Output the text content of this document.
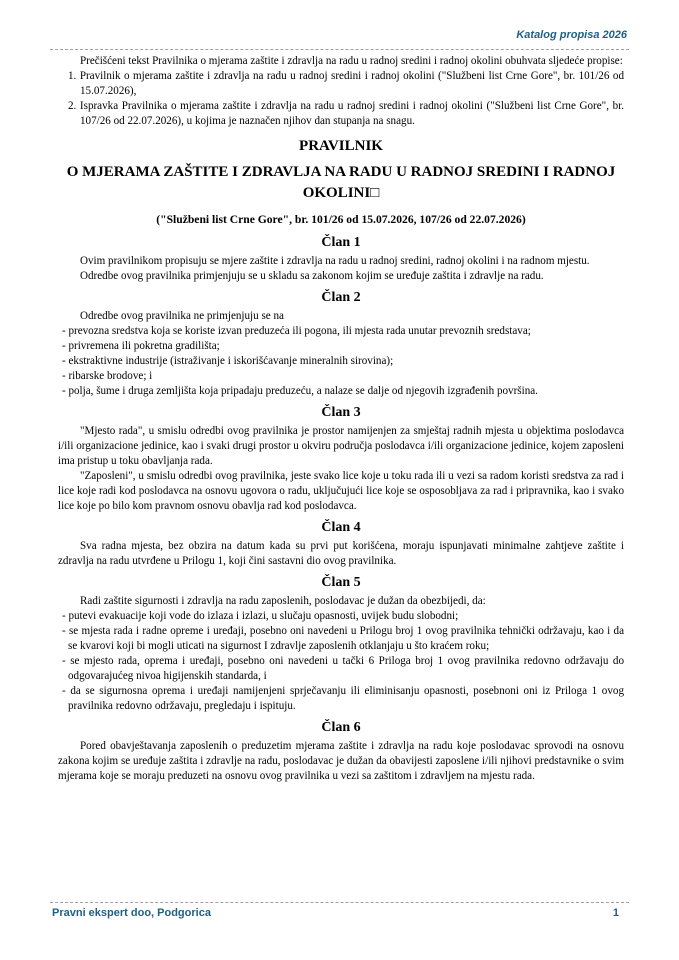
Katalog propisa 2026

Prečišćeni tekst Pravilnika o mjerama zaštite i zdravlja na radu u radnoj sredini i radnoj okolini obuhvata sljedeće propise:

1. Pravilnik o mjerama zaštite i zdravlja na radu u radnoj sredini i radnoj okolini ("Službeni list Crne Gore", br. 101/26 od 15.07.2026),

2. Ispravka Pravilnika o mjerama zaštite i zdravlja na radu u radnoj sredini i radnoj okolini ("Službeni list Crne Gore", br. 107/26 od 22.07.2026), u kojima je naznačen njihov dan stupanja na snagu.

PRAVILNIK
O MJERAMA ZAŠTITE I ZDRAVLJA NA RADU U RADNOJ SREDINI I RADNOJ OKOLINI□
("Službeni list Crne Gore", br. 101/26 od 15.07.2026, 107/26 od 22.07.2026)
Član 1

Ovim pravilnikom propisuju se mjere zaštite i zdravlja na radu u radnoj sredini, radnoj okolini i na radnom mjestu.

Odredbe ovog pravilnika primjenjuju se u skladu sa zakonom kojim se uređuje zaštita i zdravlje na radu.

Član 2

Odredbe ovog pravilnika ne primjenjuju se na

- prevozna sredstva koja se koriste izvan preduzeća ili pogona, ili mjesta rada unutar prevoznih sredstava;

- privremena ili pokretna gradilišta;

- ekstraktivne industrije (istraživanje i iskorišćavanje mineralnih sirovina);

- ribarske brodove; i

- polja, šume i druga zemljišta koja pripadaju preduzeću, a nalaze se dalje od njegovih izgrađenih površina.

Član 3

"Mjesto rada", u smislu odredbi ovog pravilnika je prostor namijenjen za smještaj radnih mjesta u objektima poslodavca i/ili organizacione jedinice, kao i svaki drugi prostor u okviru područja poslodavca i/ili organizacione jedinice, kojem zaposleni ima pristup u toku obavljanja rada.

"Zaposleni", u smislu odredbi ovog pravilnika, jeste svako lice koje u toku rada ili u vezi sa radom koristi sredstva za rad i lice koje radi kod poslodavca na osnovu ugovora o radu, uključujući lice koje se osposobljava za rad i pripravnika, kao i svako lice koje po bilo kom pravnom osnovu obavlja rad kod poslodavca.

Član 4

Sva radna mjesta, bez obzira na datum kada su prvi put korišćena, moraju ispunjavati minimalne zahtjeve zaštite i zdravlja na radu utvrđene u Prilogu 1, koji čini sastavni dio ovog pravilnika.

Član 5

Radi zaštite sigurnosti i zdravlja na radu zaposlenih, poslodavac je dužan da obezbijedi, da:

- putevi evakuacije koji vode do izlaza i izlazi, u slučaju opasnosti, uvijek budu slobodni;

- se mjesta rada i radne opreme i uređaji, posebno oni navedeni u Prilogu broj 1 ovog pravilnika tehnički održavaju, kao i da se kvarovi koji bi mogli uticati na sigurnost I zdravlje zaposlenih otklanjaju u što kraćem roku;

- se mjesto rada, oprema i uređaji, posebno oni navedeni u tački 6 Priloga broj 1 ovog pravilnika redovno održavaju do odgovarajućeg nivoa higijenskih standarda, i

- da se sigurnosna oprema i uređaji namijenjeni sprječavanju ili eliminisanju opasnosti, posebnoni oni iz Priloga 1 ovog pravilnika redovno održavaju, pregledaju i ispituju.

Član 6

Pored obavještavanja zaposlenih o preduzetim mjerama zaštite i zdravlja na radu koje poslodavac sprovodi na osnovu zakona kojim se uređuje zaštita i zdravlje na radu, poslodavac je dužan da obavijesti zaposlene i/ili njihovi predstavnike o svim mjerama koje se moraju preduzeti na osnovu ovog pravilnika u vezi sa zaštitom i zdravljem na mjestu rada.

Pravni ekspert doo, Podgorica	1
